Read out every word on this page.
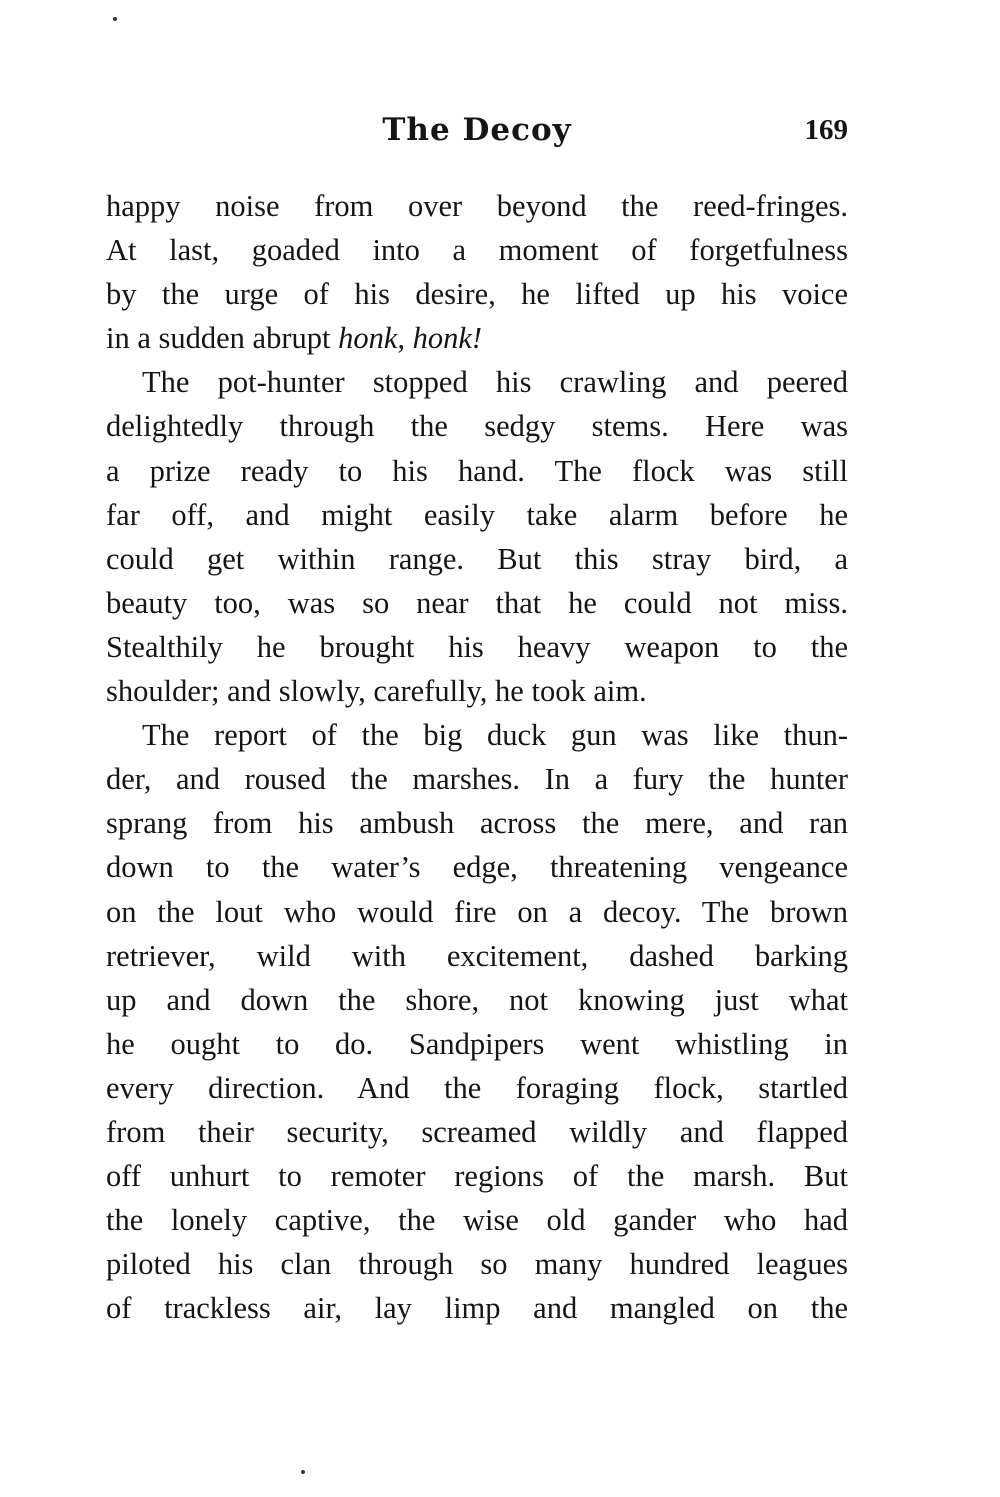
The Decoy	169
happy noise from over beyond the reed-fringes.
At last, goaded into a moment of forgetfulness
by the urge of his desire, he lifted up his voice
in a sudden abrupt honk, honk!
The pot-hunter stopped his crawling and peered
delightedly through the sedgy stems. Here was
a prize ready to his hand. The flock was still
far off, and might easily take alarm before he
could get within range. But this stray bird, a
beauty too, was so near that he could not miss.
Stealthily he brought his heavy weapon to the
shoulder; and slowly, carefully, he took aim.
The report of the big duck gun was like thun-
der, and roused the marshes. In a fury the hunter
sprang from his ambush across the mere, and ran
down to the water’s edge, threatening vengeance
on the lout who would fire on a decoy. The brown
retriever, wild with excitement, dashed barking
up and down the shore, not knowing just what
he ought to do. Sandpipers went whistling in
every direction. And the foraging flock, startled
from their security, screamed wildly and flapped
off unhurt to remoter regions of the marsh. But
the lonely captive, the wise old gander who had
piloted his clan through so many hundred leagues
of trackless air, lay limp and mangled on the
